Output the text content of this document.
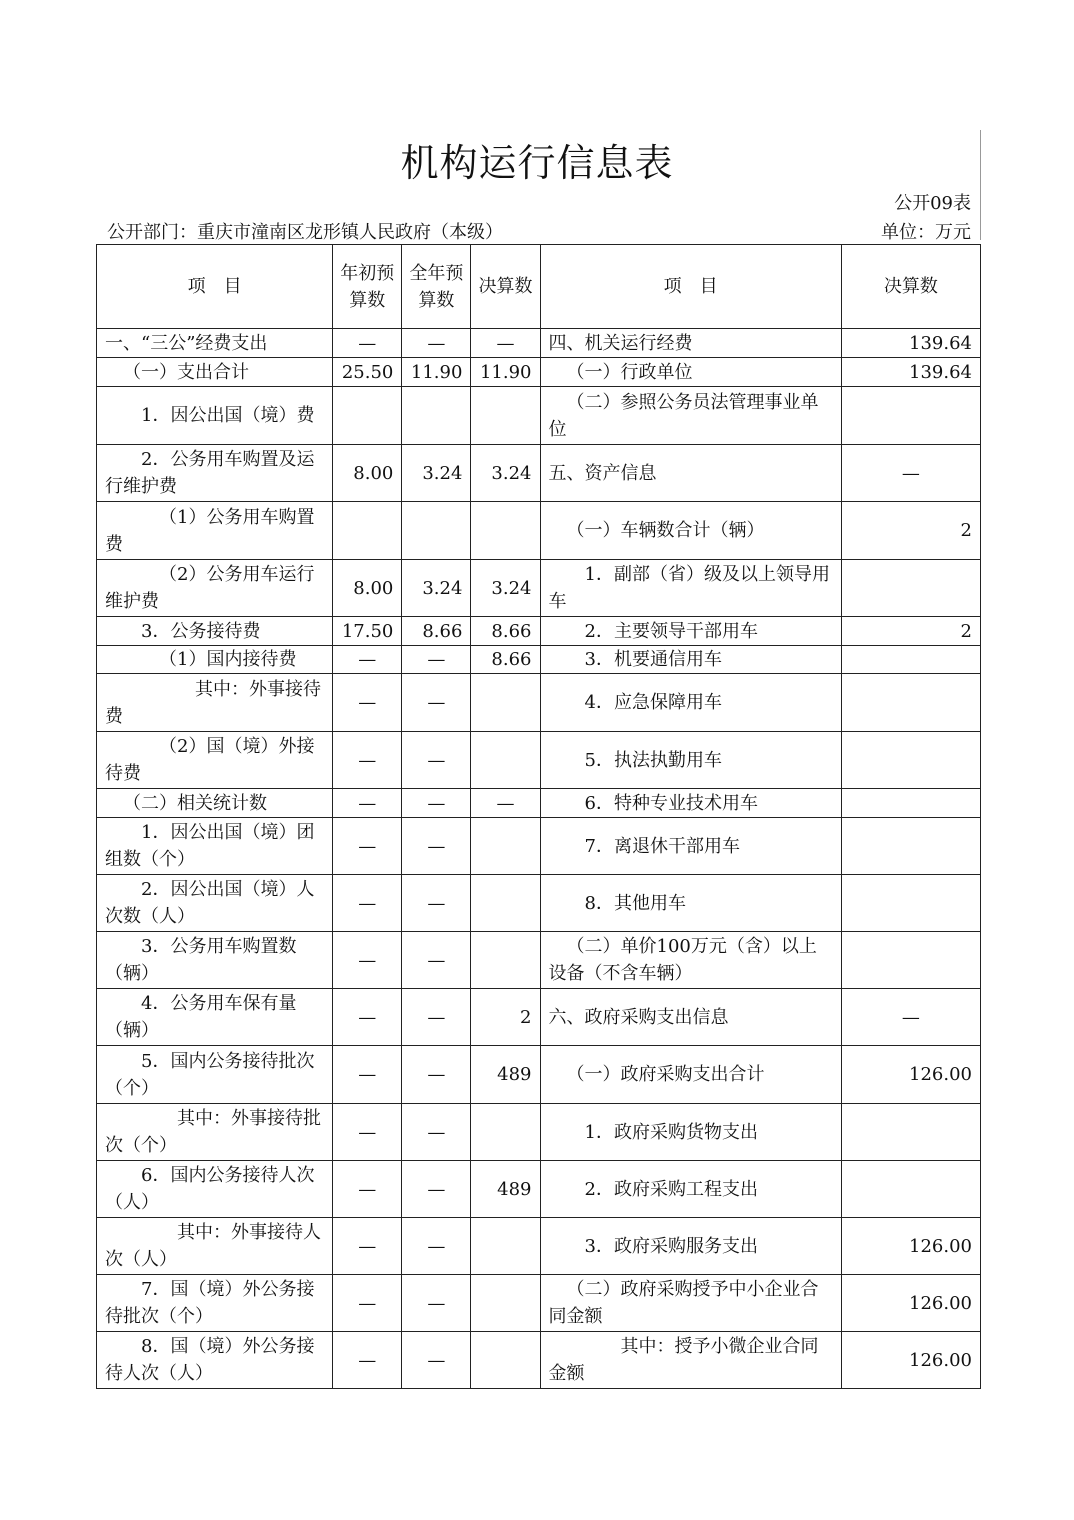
机构运行信息表
公开09表
公开部门：重庆市潼南区龙形镇人民政府（本级）	单位：万元
项　目	年初预算数	全年预算数	决算数	项　目	决算数
一、“三公”经费支出	—	—	—	四、机关运行经费	139.64
（一）支出合计	25.50	11.90	11.90	（一）行政单位	139.64
1．因公出国（境）费				（二）参照公务员法管理事业单位	
2．公务用车购置及运行维护费	8.00	3.24	3.24	五、资产信息	—
（1）公务用车购置费				（一）车辆数合计（辆）	2
（2）公务用车运行维护费	8.00	3.24	3.24	1．副部（省）级及以上领导用车	
3．公务接待费	17.50	8.66	8.66	2．主要领导干部用车	2
（1）国内接待费	—	—	8.66	3．机要通信用车	
其中：外事接待费	—	—		4．应急保障用车	
（2）国（境）外接待费	—	—		5．执法执勤用车	
（二）相关统计数	—	—	—	6．特种专业技术用车	
1．因公出国（境）团组数（个）	—	—		7．离退休干部用车	
2．因公出国（境）人次数（人）	—	—		8．其他用车	
3．公务用车购置数（辆）	—	—		（二）单价100万元（含）以上设备（不含车辆）	
4．公务用车保有量（辆）	—	—	2	六、政府采购支出信息	—
5．国内公务接待批次（个）	—	—	489	（一）政府采购支出合计	126.00
其中：外事接待批次（个）	—	—		1．政府采购货物支出	
6．国内公务接待人次（人）	—	—	489	2．政府采购工程支出	
其中：外事接待人次（人）	—	—		3．政府采购服务支出	126.00
7．国（境）外公务接待批次（个）	—	—		（二）政府采购授予中小企业合同金额	126.00
8．国（境）外公务接待人次（人）	—	—		其中：授予小微企业合同金额	126.00
